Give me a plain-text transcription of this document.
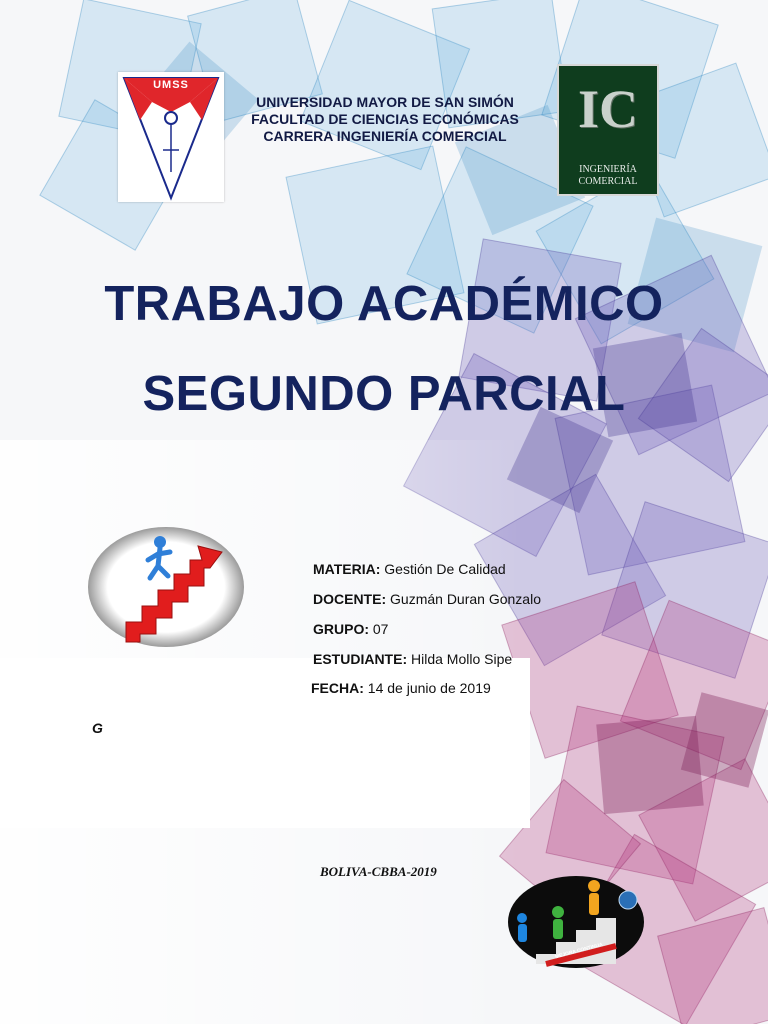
UMSS
UNIVERSIDAD MAYOR DE SAN SIMÓN
FACULTAD DE CIENCIAS ECONÓMICAS
CARRERA INGENIERÍA COMERCIAL	IC
INGENIERÍA
COMERCIAL
TRABAJO ACADÉMICO
SEGUNDO PARCIAL
MATERIA: Gestión De Calidad
DOCENTE: Guzmán Duran Gonzalo
GRUPO: 07
ESTUDIANTE: Hilda Mollo Sipe
FECHA: 14 de junio de 2019
G
BOLIVA-CBBA-2019
MEJORA CONTINUA
